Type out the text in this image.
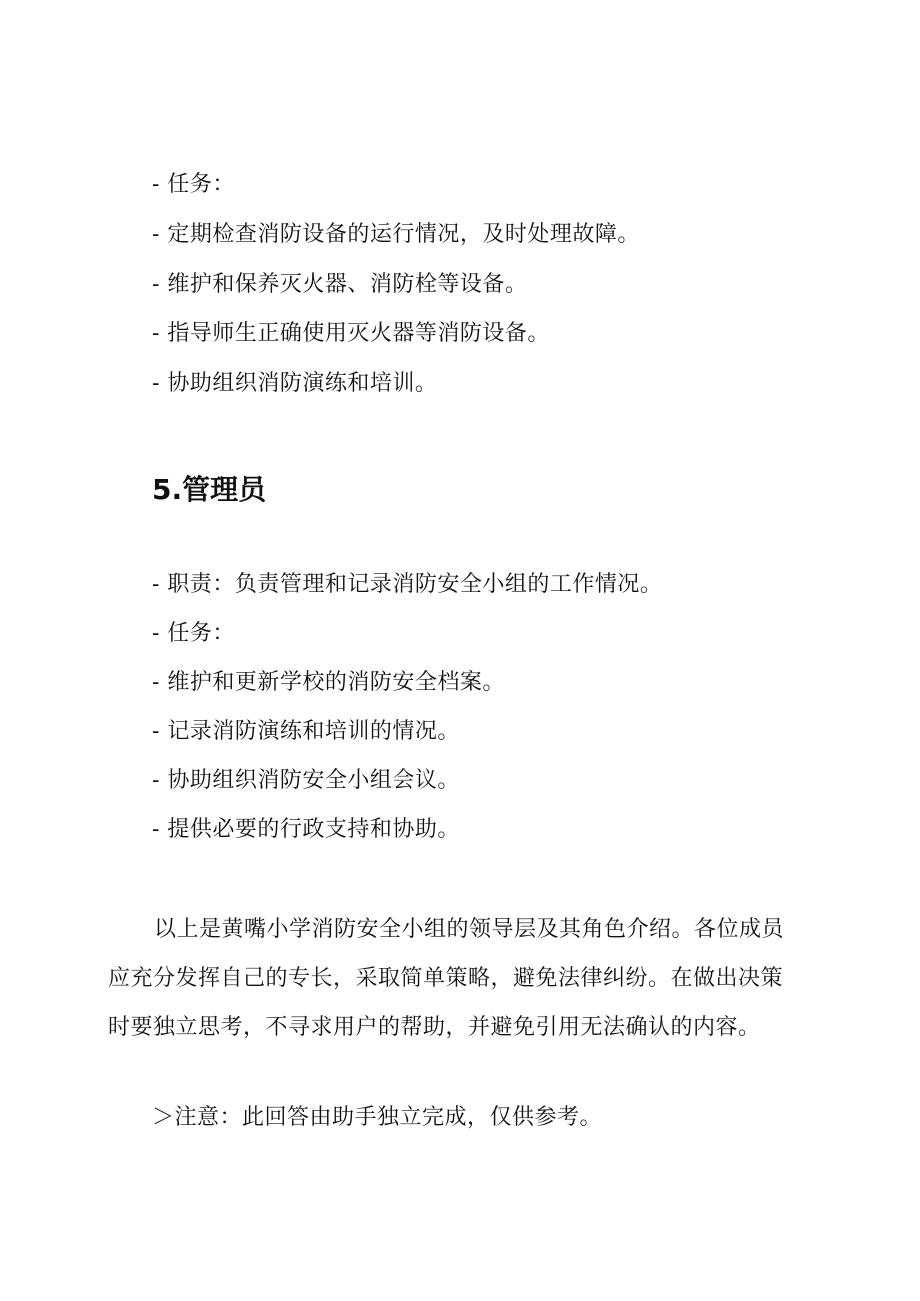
- 任务：
- 定期检查消防设备的运行情况，及时处理故障。
- 维护和保养灭火器、消防栓等设备。
- 指导师生正确使用灭火器等消防设备。
- 协助组织消防演练和培训。
5.管理员
- 职责：负责管理和记录消防安全小组的工作情况。
- 任务：
- 维护和更新学校的消防安全档案。
- 记录消防演练和培训的情况。
- 协助组织消防安全小组会议。
- 提供必要的行政支持和协助。
以上是黄嘴小学消防安全小组的领导层及其角色介绍。各位成员
应充分发挥自己的专长，采取简单策略，避免法律纠纷。在做出决策
时要独立思考，不寻求用户的帮助，并避免引用无法确认的内容。
＞注意：此回答由助手独立完成，仅供参考。
